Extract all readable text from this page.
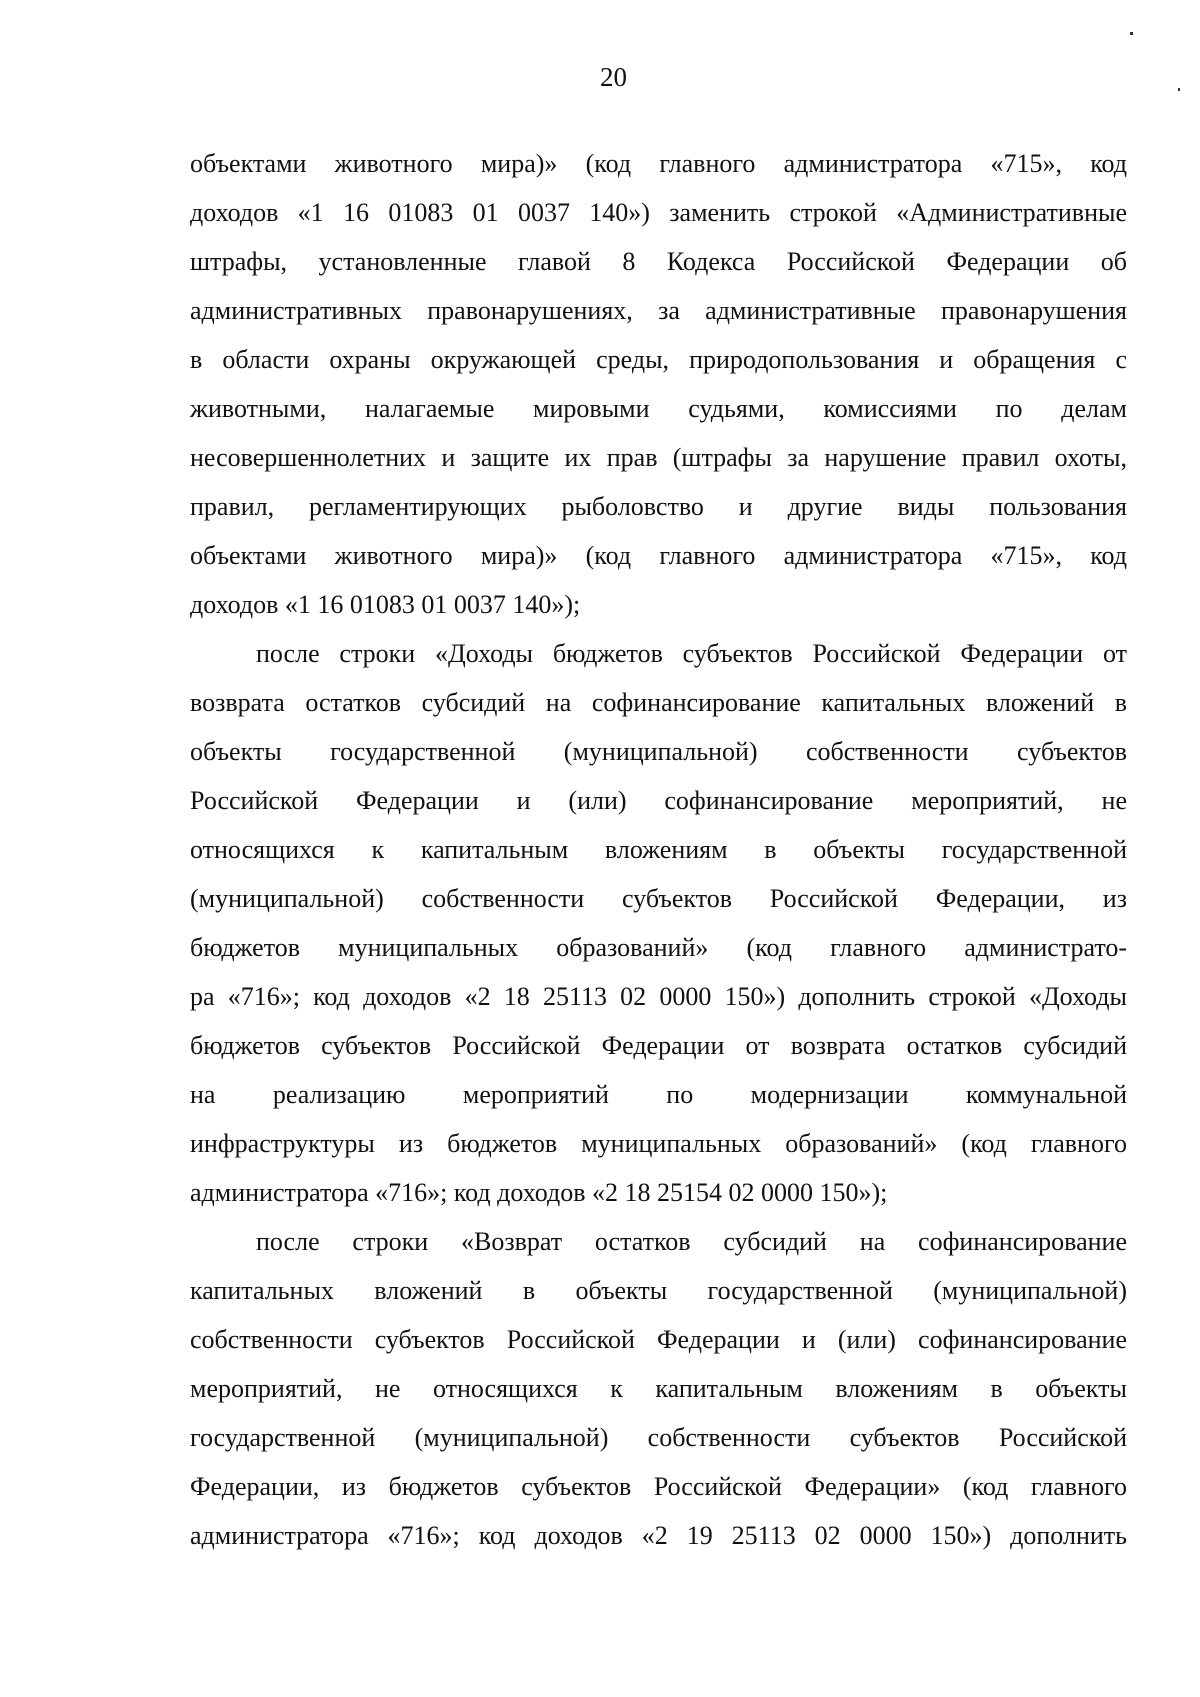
20
объектами животного мира)» (код главного администратора «715», код
доходов «1 16 01083 01 0037 140») заменить строкой «Административные
штрафы, установленные главой 8 Кодекса Российской Федерации об
административных правонарушениях, за административные правонарушения
в области охраны окружающей среды, природопользования и обращения с
животными, налагаемые мировыми судьями, комиссиями по делам
несовершеннолетних и защите их прав (штрафы за нарушение правил охоты,
правил, регламентирующих рыболовство и другие виды пользования
объектами животного мира)» (код главного администратора «715», код
доходов «1 16 01083 01 0037 140»);
после строки «Доходы бюджетов субъектов Российской Федерации от
возврата остатков субсидий на софинансирование капитальных вложений в
объекты государственной (муниципальной) собственности субъектов
Российской Федерации и (или) софинансирование мероприятий, не
относящихся к капитальным вложениям в объекты государственной
(муниципальной) собственности субъектов Российской Федерации, из
бюджетов муниципальных образований» (код главного администрато-
ра «716»; код доходов «2 18 25113 02 0000 150») дополнить строкой «Доходы
бюджетов субъектов Российской Федерации от возврата остатков субсидий
на реализацию мероприятий по модернизации коммунальной
инфраструктуры из бюджетов муниципальных образований» (код главного
администратора «716»; код доходов «2 18 25154 02 0000 150»);
после строки «Возврат остатков субсидий на софинансирование
капитальных вложений в объекты государственной (муниципальной)
собственности субъектов Российской Федерации и (или) софинансирование
мероприятий, не относящихся к капитальным вложениям в объекты
государственной (муниципальной) собственности субъектов Российской
Федерации, из бюджетов субъектов Российской Федерации» (код главного
администратора «716»; код доходов «2 19 25113 02 0000 150») дополнить
